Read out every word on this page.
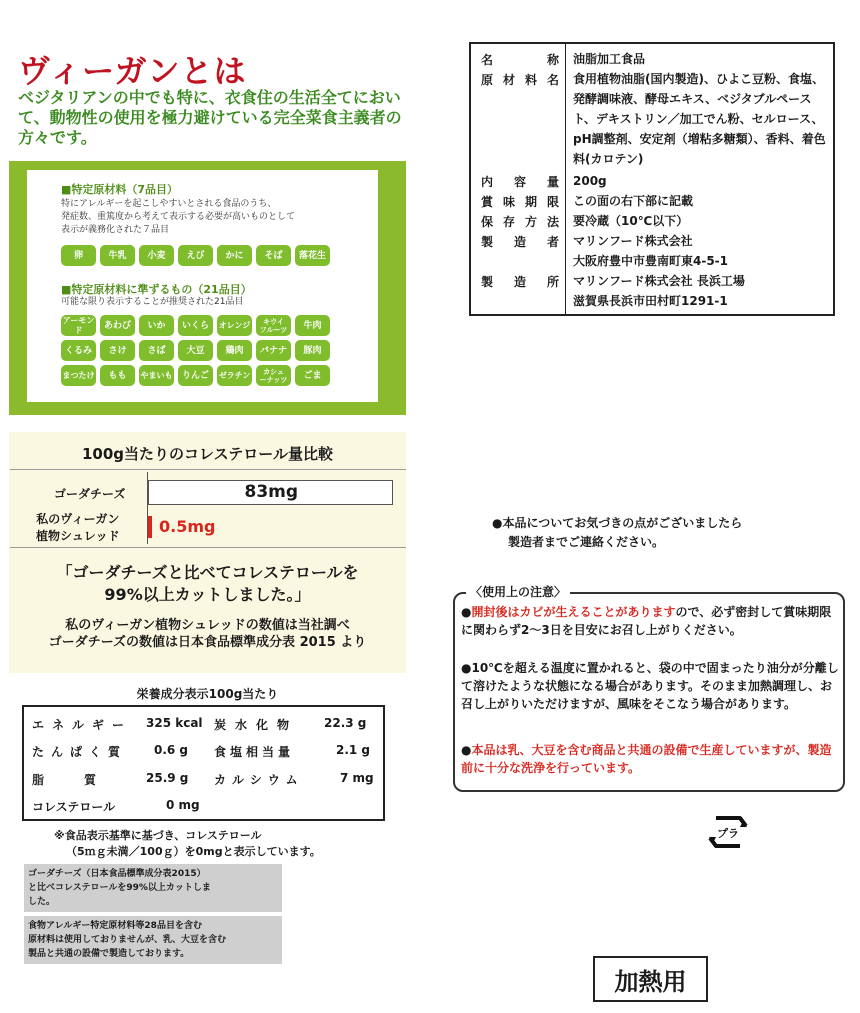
ヴィーガンとは
ベジタリアンの中でも特に、衣食住の生活全てにおいて、動物性の使用を極力避けている完全菜食主義者の方々です。
■特定原材料（7品目）
特にアレルギーを起こしやすいとされる食品のうち、
発症数、重篤度から考えて表示する必要が高いものとして
表示が義務化された７品目
卵	牛乳	小麦	えび	かに	そば	落花生
■特定原材料に準ずるもの（21品目）
可能な限り表示することが推奨された21品目
アーモンド	あわび	いか	いくら	オレンジ	キウイ
フルーツ	牛肉
くるみ	さけ	さば	大豆	鶏肉	バナナ	豚肉
まつたけ	もも	やまいも	りんご	ゼラチン	カシュ
ーナッツ	ごま
100g当たりのコレステロール量比較
ゴーダチーズ
私のヴィーガン
植物シュレッド
83mg
0.5mg
「ゴーダチーズと比べてコレステロールを
99%以上カットしました。」
私のヴィーガン植物シュレッドの数値は当社調べ
ゴーダチーズの数値は日本食品標準成分表 2015 より
栄養成分表示100g当たり
エネルギー 325 kcal 炭水化物 22.3 g
たんぱく質 0.6 g 食塩相当量	2.1 g
脂　　　質	25.9 g カルシウム	7 mg
コレステロール	0 mg
※食品表示基準に基づき、コレステロール
（5ｍｇ未満／100ｇ）を0mgと表示しています。
ゴーダチーズ（日本食品標準成分表2015）
と比べコレステロールを99%以上カットしま
した。
食物アレルギー特定原材料等28品目を含む
原材料は使用しておりませんが、乳、大豆を含む
製品と共通の設備で製造しております。
名称 油脂加工食品
原材料名 食用植物油脂(国内製造)、ひよこ豆粉、食塩、発酵調味液、酵母エキス、ベジタブルペースト、デキストリン／加工でん粉、セルロース、pH調整剤、安定剤（増粘多糖類）、香料、着色料(カロテン)
内容量 200g
賞味期限 この面の右下部に記載
保存方法 要冷蔵（10℃以下）
製造者 マリンフード株式会社
大阪府豊中市豊南町東4-5-1
製造所 マリンフード株式会社 長浜工場
滋賀県長浜市田村町1291-1
●本品についてお気づきの点がございましたら
製造者までご連絡ください。
〈使用上の注意〉
●開封後はカビが生えることがありますので、必ず密封して賞味期限に関わらず2～3日を目安にお召し上がりください。
●10℃を超える温度に置かれると、袋の中で固まったり油分が分離して溶けたような状態になる場合があります。そのまま加熱調理し、お召し上がりいただけますが、風味をそこなう場合があります。
●本品は乳、大豆を含む商品と共通の設備で生産していますが、製造前に十分な洗浄を行っています。
プラ
加熱用
